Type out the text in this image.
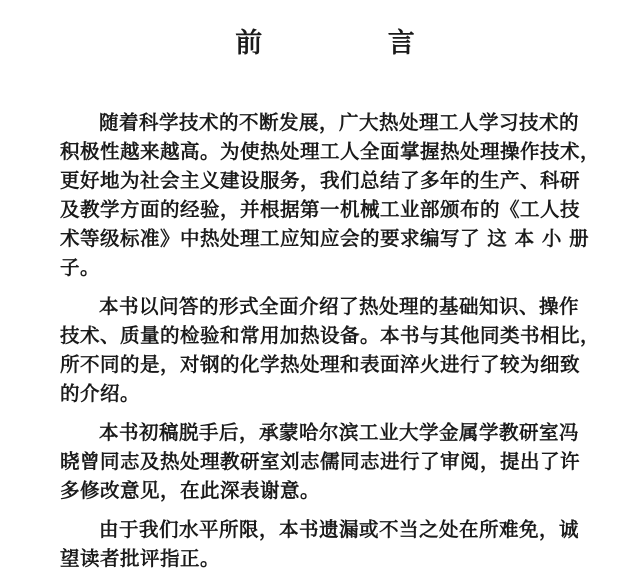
前 言
随着科学技术的不断发展，广大热处理工人学习技术的
积极性越来越高。为使热处理工人全面掌握热处理操作技术，
更好地为社会主义建设服务，我们总结了多年的生产、科研
及教学方面的经验，并根据第一机械工业部颁布的《工人技
术等级标准》中热处理工应知应会的要求编写了 这 本 小 册
子。
本书以问答的形式全面介绍了热处理的基础知识、操作
技术、质量的检验和常用加热设备。本书与其他同类书相比，
所不同的是，对钢的化学热处理和表面淬火进行了较为细致
的介绍。
本书初稿脱手后，承蒙哈尔滨工业大学金属学教研室冯
晓曾同志及热处理教研室刘志儒同志进行了审阅，提出了许
多修改意见，在此深表谢意。
由于我们水平所限，本书遗漏或不当之处在所难免，诚
望读者批评指正。
